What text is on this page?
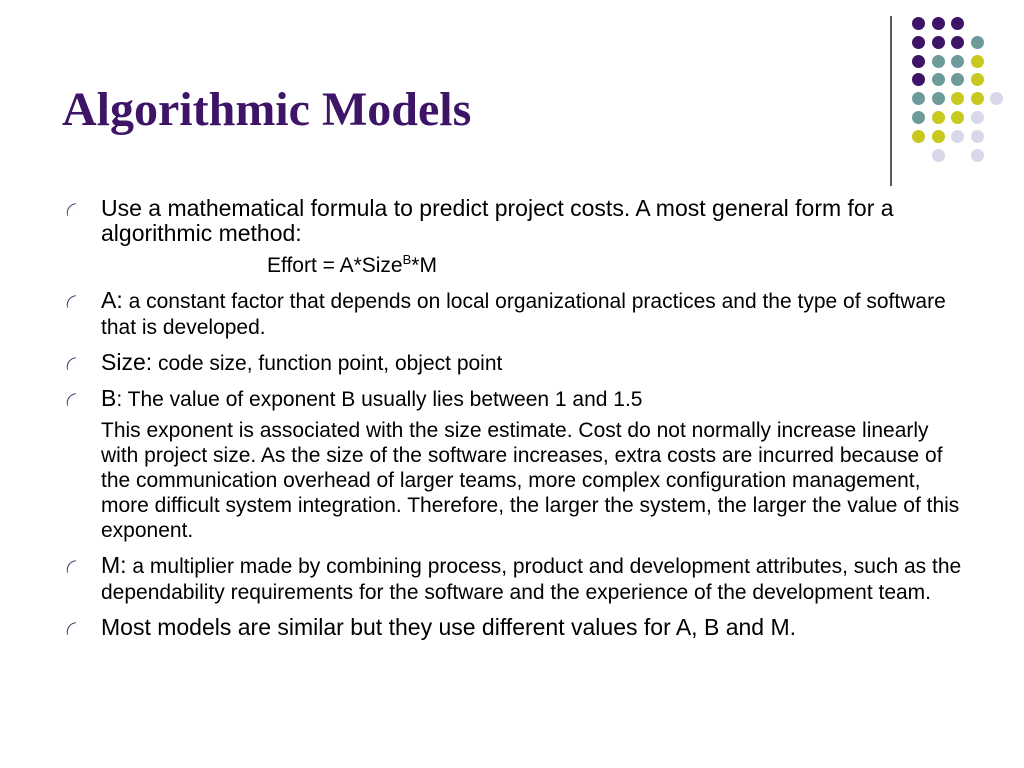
Algorithmic Models
Use a mathematical formula to predict project costs. A most general form for a algorithmic method:
Effort = A*Size$^B$*M
A: a constant factor that depends on local organizational practices and the type of software that is developed.
Size: code size, function point, object point
B: The value of exponent B usually lies between 1 and 1.5
This exponent is associated with the size estimate. Cost do not normally increase linearly with project size. As the size of the software increases, extra costs are incurred because of the communication overhead of larger teams, more complex configuration management, more difficult system integration. Therefore, the larger the system, the larger the value of this exponent.
M: a multiplier made by combining process, product and development attributes, such as the dependability requirements for the software and the experience of the development team.
Most models are similar but they use different values for A, B and M.
